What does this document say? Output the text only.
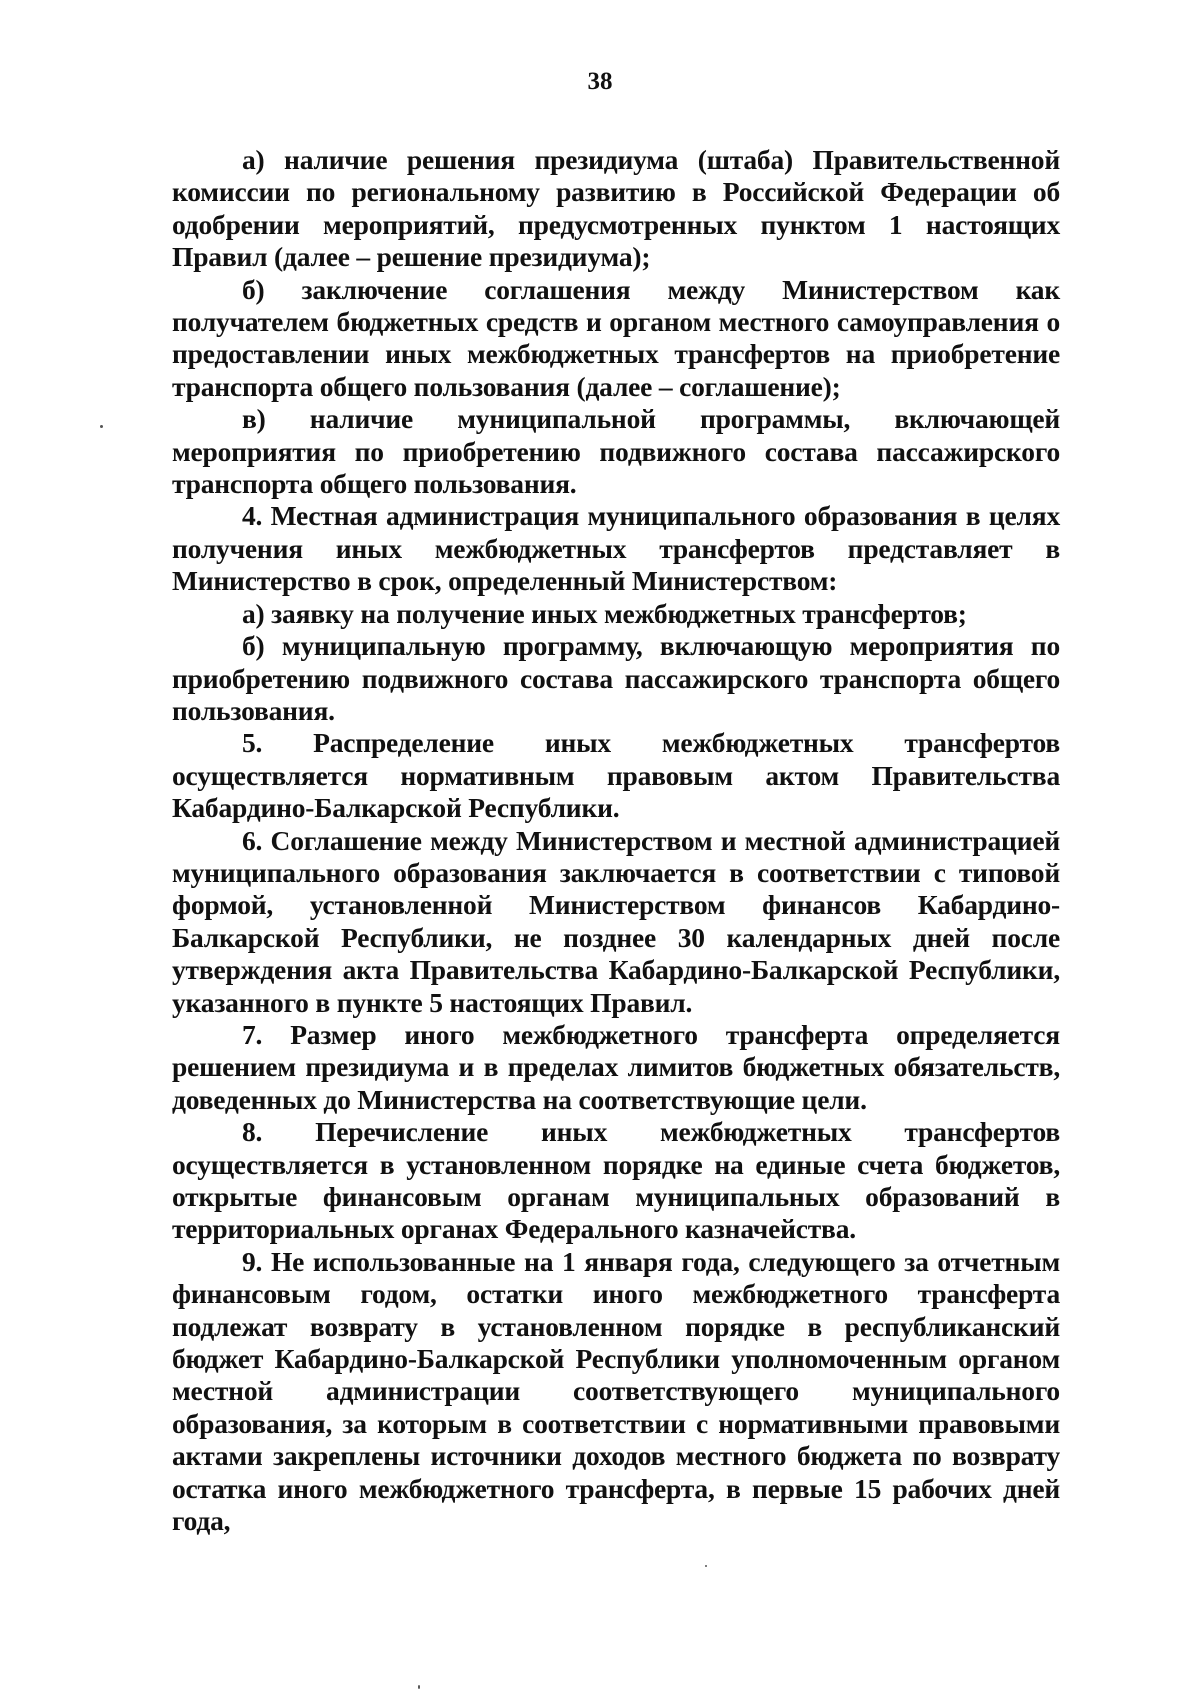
38

а) наличие решения президиума (штаба) Правительственной комиссии по региональному развитию в Российской Федерации об одобрении мероприятий, предусмотренных пунктом 1 настоящих Правил (далее – решение президиума);

б) заключение соглашения между Министерством как получателем бюджетных средств и органом местного самоуправления о предоставлении иных межбюджетных трансфертов на приобретение транспорта общего пользования (далее – соглашение);

в) наличие муниципальной программы, включающей мероприятия по приобретению подвижного состава пассажирского транспорта общего пользования.

4. Местная администрация муниципального образования в целях получения иных межбюджетных трансфертов представляет в Министерство в срок, определенный Министерством:

а) заявку на получение иных межбюджетных трансфертов;

б) муниципальную программу, включающую мероприятия по приобретению подвижного состава пассажирского транспорта общего пользования.

5. Распределение иных межбюджетных трансфертов осуществляется нормативным правовым актом Правительства Кабардино-Балкарской Республики.

6. Соглашение между Министерством и местной администрацией муниципального образования заключается в соответствии с типовой формой, установленной Министерством финансов Кабардино-Балкарской Республики, не позднее 30 календарных дней после утверждения акта Правительства Кабардино-Балкарской Республики, указанного в пункте 5 настоящих Правил.

7. Размер иного межбюджетного трансферта определяется решением президиума и в пределах лимитов бюджетных обязательств, доведенных до Министерства на соответствующие цели.

8. Перечисление иных межбюджетных трансфертов осуществляется в установленном порядке на единые счета бюджетов, открытые финансовым органам муниципальных образований в территориальных органах Федерального казначейства.

9. Не использованные на 1 января года, следующего за отчетным финансовым годом, остатки иного межбюджетного трансферта подлежат возврату в установленном порядке в республиканский бюджет Кабардино-Балкарской Республики уполномоченным органом местной администрации соответствующего муниципального образования, за которым в соответствии с нормативными правовыми актами закреплены источники доходов местного бюджета по возврату остатка иного межбюджетного трансферта, в первые 15 рабочих дней года,
